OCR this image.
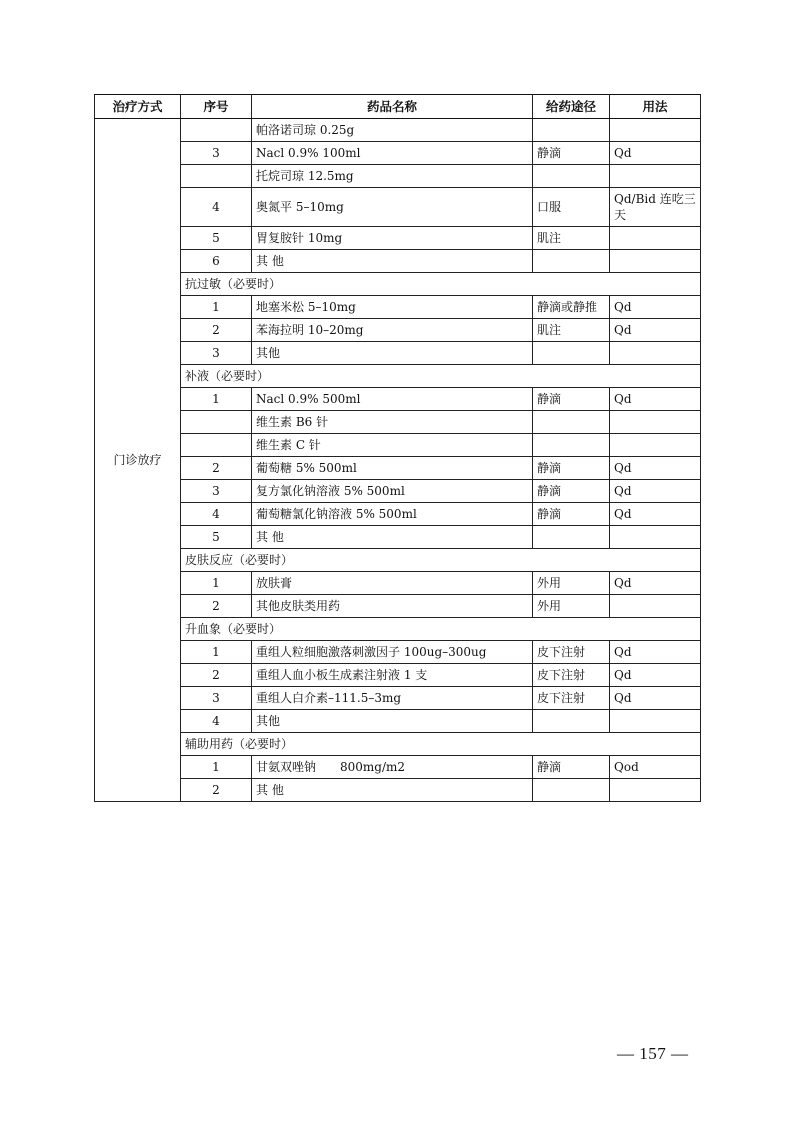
治疗方式	序号	药品名称	给药途径	用法
门诊放疗		帕洛诺司琼 0.25g		
	3	Nacl 0.9% 100ml	静滴	Qd
		托烷司琼 12.5mg		
	4	奥氮平 5–10mg	口服	Qd/Bid 连吃三天
	5	胃复胺针 10mg	肌注	
	6	其 他		
	抗过敏（必要时）			
	1	地塞米松 5–10mg	静滴或静推	Qd
	2	苯海拉明 10–20mg	肌注	Qd
	3	其他		
	补液（必要时）			
	1	Nacl 0.9% 500ml	静滴	Qd
		维生素 B6 针		
		维生素 C 针		
	2	葡萄糖 5% 500ml	静滴	Qd
	3	复方氯化钠溶液 5% 500ml	静滴	Qd
	4	葡萄糖氯化钠溶液 5% 500ml	静滴	Qd
	5	其 他		
	皮肤反应（必要时）			
	1	放肤膏	外用	Qd
	2	其他皮肤类用药	外用	
	升血象（必要时）			
	1	重组人粒细胞激落刺激因子 100ug–300ug	皮下注射	Qd
	2	重组人血小板生成素注射液 1 支	皮下注射	Qd
	3	重组人白介素–111.5–3mg	皮下注射	Qd
	4	其他		
	辅助用药（必要时）			
	1	甘氨双唑钠　　800mg/m2	静滴	Qod
	2	其 他		
— 157 —
